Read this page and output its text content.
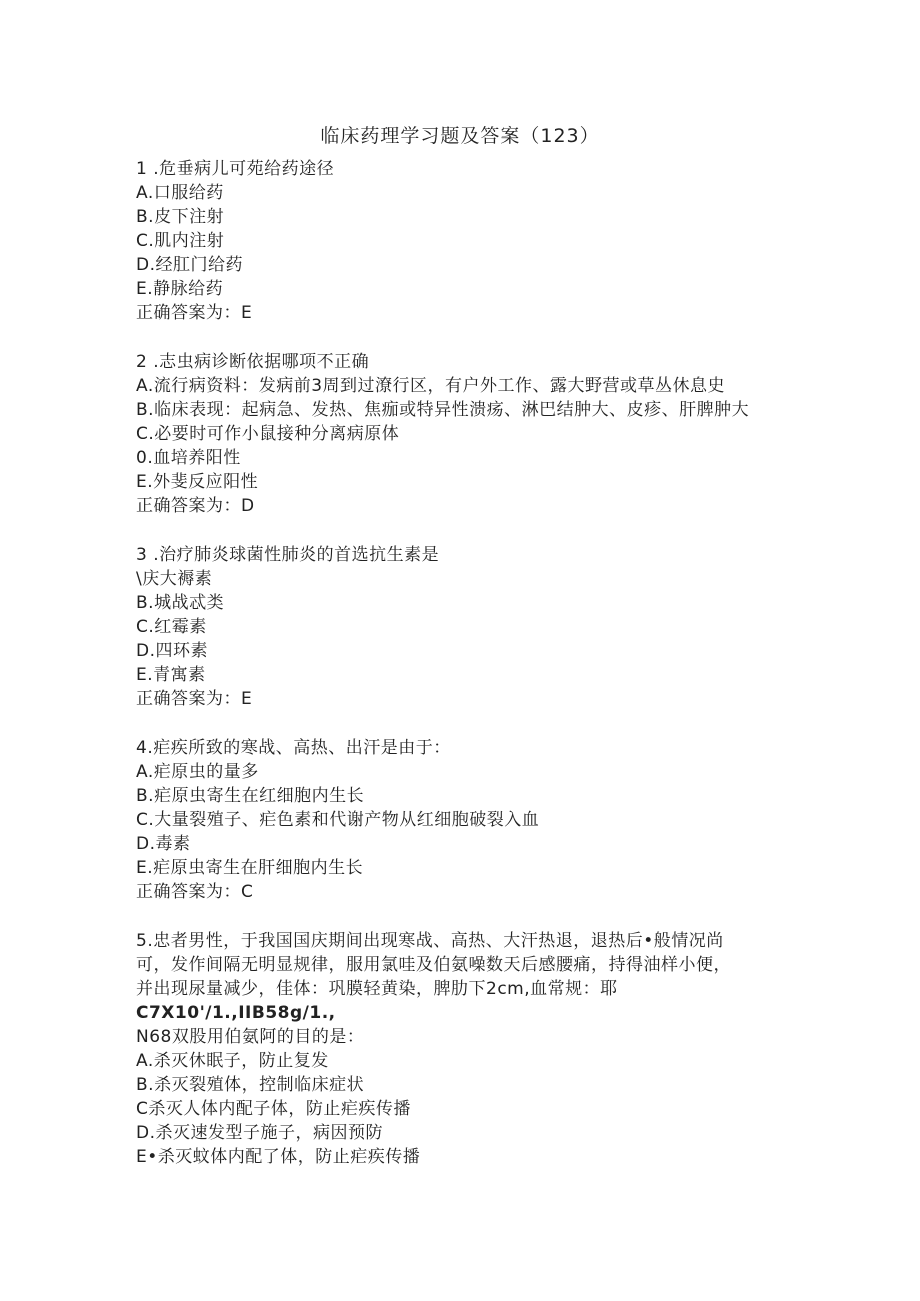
临床药理学习题及答案（123）
1 .危垂病儿可苑给药途径
A.口服给药
B.皮下注射
C.肌内注射
D.经肛门给药
E.静脉给药
正确答案为：E
2 .志虫病诊断依据哪项不正确
A.流行病资料：发病前3周到过潦行区，有户外工作、露大野营或草丛休息史
B.临床表现：起病急、发热、焦痂或特异性溃疡、淋巴结肿大、皮疹、肝脾肿大
C.必要时可作小鼠接种分离病原体
0.血培养阳性
E.外斐反应阳性
正确答案为：D
3 .治疗肺炎球菌性肺炎的首选抗生素是
\庆大褥素
B.城战忒类
C.红霉素
D.四环素
E.青寓素
正确答案为：E
4.疟疾所致的寒战、高热、出汗是由于：
A.疟原虫的量多
B.疟原虫寄生在红细胞内生长
C.大量裂殖子、疟色素和代谢产物从红细胞破裂入血
D.毒素
E.疟原虫寄生在肝细胞内生长
正确答案为：C
5.忠者男性，于我国国庆期间出现寒战、高热、大汗热退，退热后•般情况尚
可，发作间隔无明显规律，服用氯哇及伯氨噪数天后感腰痛，持得油样小便，
并出现尿量减少，佳体：巩膜轻黄染，脾肋下2cm,血常规：耶
C7X10'/1.,IIB58g/1.,
N68双股用伯氨阿的目的是：
A.杀灭休眠子，防止复发
B.杀灭裂殖体，控制临床症状
C杀灭人体内配子体，防止疟疾传播
D.杀灭速发型子施子，病因预防
E•杀灭蚊体内配了体，防止疟疾传播
